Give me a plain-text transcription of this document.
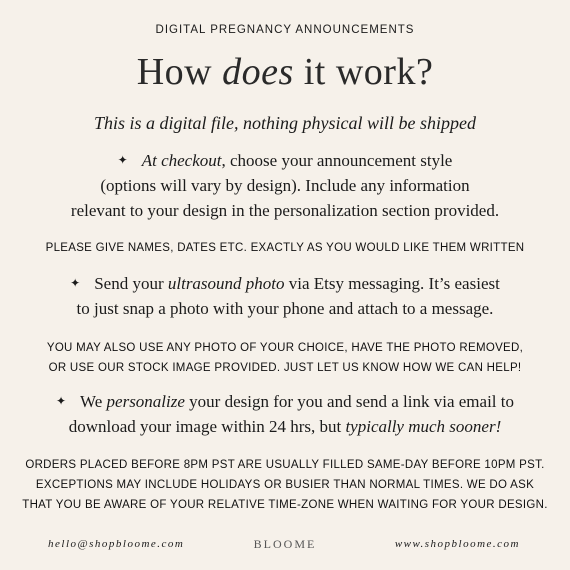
DIGITAL PREGNANCY ANNOUNCEMENTS
How does it work?
This is a digital file, nothing physical will be shipped
✦ At checkout, choose your announcement style
(options will vary by design). Include any information
relevant to your design in the personalization section provided.
PLEASE GIVE NAMES, DATES ETC. EXACTLY AS YOU WOULD LIKE THEM WRITTEN
✦ Send your ultrasound photo via Etsy messaging. It’s easiest
to just snap a photo with your phone and attach to a message.
YOU MAY ALSO USE ANY PHOTO OF YOUR CHOICE, HAVE THE PHOTO REMOVED,
OR USE OUR STOCK IMAGE PROVIDED. JUST LET US KNOW HOW WE CAN HELP!
✦ We personalize your design for you and send a link via email to
download your image within 24 hrs, but typically much sooner!
ORDERS PLACED BEFORE 8PM PST ARE USUALLY FILLED SAME-DAY BEFORE 10PM PST.
EXCEPTIONS MAY INCLUDE HOLIDAYS OR BUSIER THAN NORMAL TIMES. WE DO ASK
THAT YOU BE AWARE OF YOUR RELATIVE TIME-ZONE WHEN WAITING FOR YOUR DESIGN.
hello@shopbloome.com	BLOOME	www.shopbloome.com
